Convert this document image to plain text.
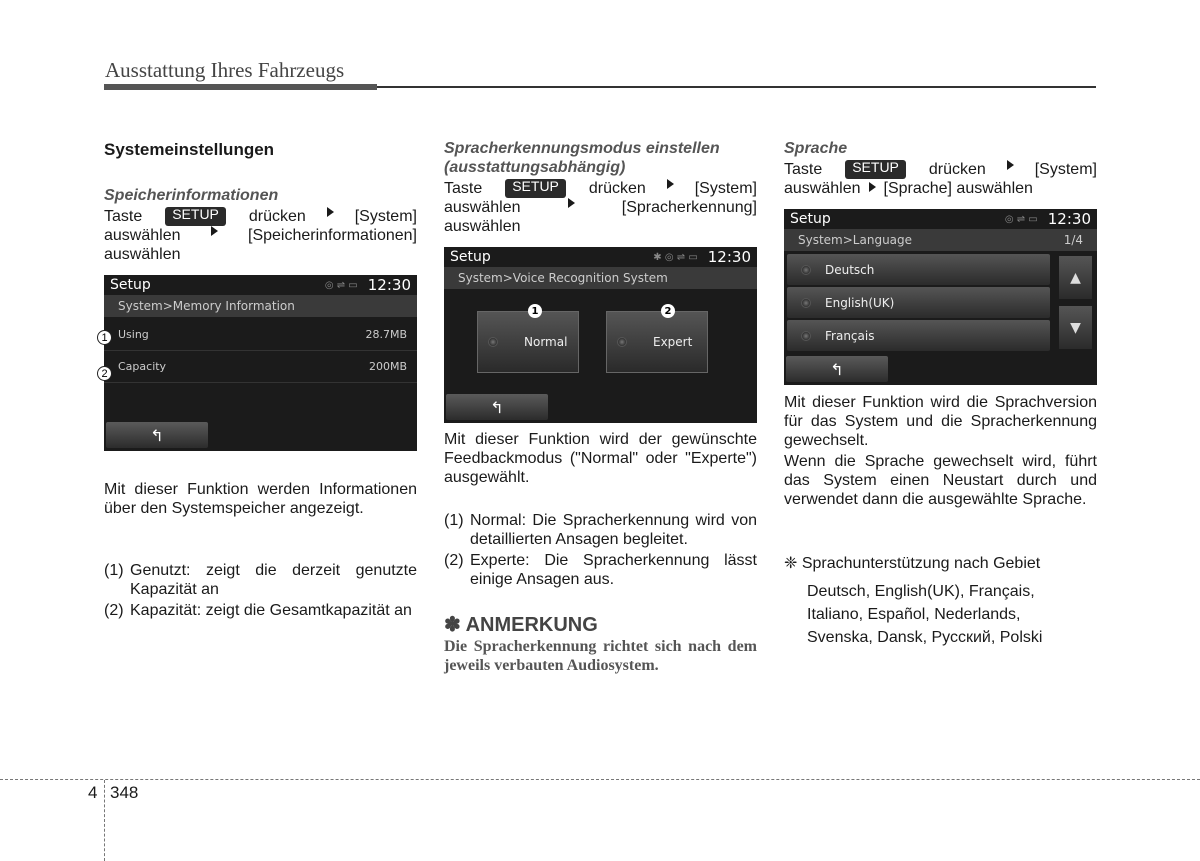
Ausstattung Ihres Fahrzeugs
Systemeinstellungen
Speicherinformationen
Taste	SETUP	drücken	[System]
auswählen	[Speicherinformationen]
auswählen
Setup	◎ ⇌ ▭ 12:30
System>Memory Information
Using	28.7MB
Capacity	200MB
↰
1
2
Mit dieser Funktion werden Informationen über den Systemspeicher angezeigt.
(1) Genutzt: zeigt die derzeit genutzte Kapazität an
(2) Kapazität: zeigt die Gesamtkapazität an
Spracherkennungsmodus einstellen (ausstattungsabhängig)
Taste	SETUP	drücken	[System]
auswählen	[Spracherkennung]
auswählen
Setup	✱ ◎ ⇌ ▭ 12:30
System>Voice Recognition System
Normal	Expert
1	2
↰
Mit dieser Funktion wird der gewünschte Feedbackmodus ("Normal" oder "Experte") ausgewählt.
(1) Normal: Die Spracherkennung wird von detaillierten Ansagen begleitet.
(2) Experte: Die Spracherkennung lässt einige Ansagen aus.
✽ ANMERKUNG
Die Spracherkennung richtet sich nach dem jeweils verbauten Audiosystem.
Sprache
Taste	SETUP	drücken	[System]
auswählen [Sprache] auswählen
Setup	◎ ⇌ ▭ 12:30
System>Language	1/4
Deutsch
English(UK)
Français
▲
▼
↰
Mit dieser Funktion wird die Sprachversion für das System und die Spracherkennung gewechselt.
Wenn die Sprache gewechselt wird, führt das System einen Neustart durch und verwendet dann die ausgewählte Sprache.
❈ Sprachunterstützung nach Gebiet
Deutsch, English(UK), Français,
Italiano, Español, Nederlands,
Svenska, Dansk, Русский, Polski
4 348
